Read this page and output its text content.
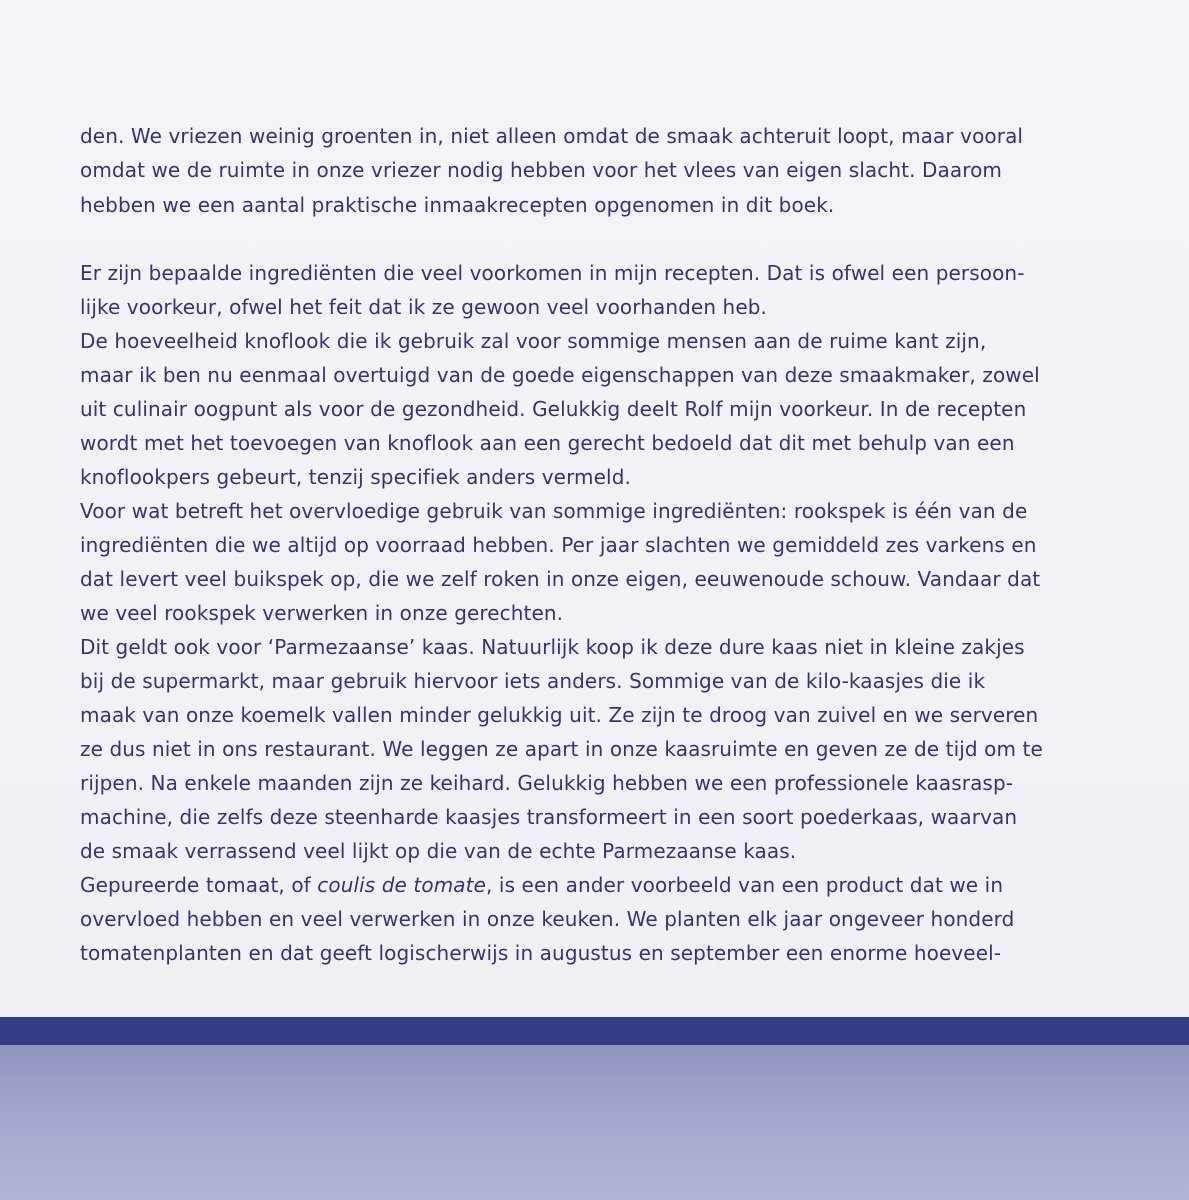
den. We vriezen weinig groenten in, niet alleen omdat de smaak achteruit loopt, maar vooral
omdat we de ruimte in onze vriezer nodig hebben voor het vlees van eigen slacht. Daarom
hebben we een aantal praktische inmaakrecepten opgenomen in dit boek.
Er zijn bepaalde ingrediënten die veel voorkomen in mijn recepten. Dat is ofwel een persoon-
lijke voorkeur, ofwel het feit dat ik ze gewoon veel voorhanden heb.
De hoeveelheid knoflook die ik gebruik zal voor sommige mensen aan de ruime kant zijn,
maar ik ben nu eenmaal overtuigd van de goede eigenschappen van deze smaakmaker, zowel
uit culinair oogpunt als voor de gezondheid. Gelukkig deelt Rolf mijn voorkeur. In de recepten
wordt met het toevoegen van knoflook aan een gerecht bedoeld dat dit met behulp van een
knoflookpers gebeurt, tenzij specifiek anders vermeld.
Voor wat betreft het overvloedige gebruik van sommige ingrediënten: rookspek is één van de
ingrediënten die we altijd op voorraad hebben. Per jaar slachten we gemiddeld zes varkens en
dat levert veel buikspek op, die we zelf roken in onze eigen, eeuwenoude schouw. Vandaar dat
we veel rookspek verwerken in onze gerechten.
Dit geldt ook voor ‘Parmezaanse’ kaas. Natuurlijk koop ik deze dure kaas niet in kleine zakjes
bij de supermarkt, maar gebruik hiervoor iets anders. Sommige van de kilo-kaasjes die ik
maak van onze koemelk vallen minder gelukkig uit. Ze zijn te droog van zuivel en we serveren
ze dus niet in ons restaurant. We leggen ze apart in onze kaasruimte en geven ze de tijd om te
rijpen. Na enkele maanden zijn ze keihard. Gelukkig hebben we een professionele kaasrasp-
machine, die zelfs deze steenharde kaasjes transformeert in een soort poederkaas, waarvan
de smaak verrassend veel lijkt op die van de echte Parmezaanse kaas.
Gepureerde tomaat, of coulis de tomate, is een ander voorbeeld van een product dat we in
overvloed hebben en veel verwerken in onze keuken. We planten elk jaar ongeveer honderd
tomatenplanten en dat geeft logischerwijs in augustus en september een enorme hoeveel-
